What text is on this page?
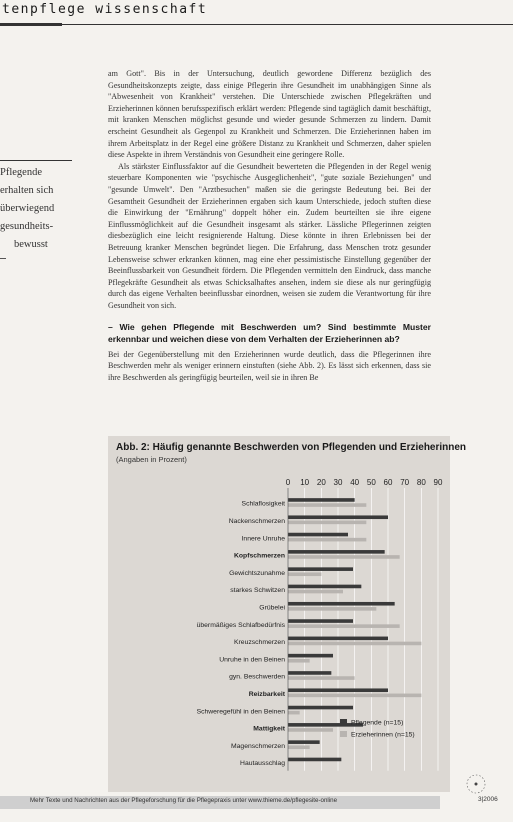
tenpflege wissenschaft
Pflegende
erhalten sich
überwiegend
gesundheits-
bewusst

am Gott". Bis in der Untersuchung, deutlich gewordene Differenz bezüglich des Gesundheitskonzepts zeigte, dass einige Pflegerin ihre Gesundheit im unabhängigen Sinne als "Abwesenheit von Krankheit" verstehen. Die Unterschiede zwischen Pflegekräften und Erzieherinnen können berufsspezifisch erklärt werden: Pflegende sind tagtäglich damit beschäftigt, mit kranken Menschen möglichst gesunde und wieder gesunde Schmerzen zu lindern. Damit erscheint Gesundheit als Gegenpol zu Krankheit und Schmerzen. Die Erzieherinnen haben im ihrem Arbeitsplatz in der Regel eine größere Distanz zu Krankheit und Schmerzen, daher spielen diese Aspekte in ihrem Verständnis von Gesundheit eine geringere Rolle.

Als stärkster Einflussfaktor auf die Gesundheit bewerteten die Pflegenden in der Regel wenig steuerbare Komponenten wie "psychische Ausgeglichenheit", "gute soziale Beziehungen" und "gesunde Umwelt". Den "Arztbesuchen" maßen sie die geringste Bedeutung bei. Bei der Gesamtheit Gesundheit der Erzieherinnen ergaben sich kaum Unterschiede, jedoch stuften diese die Einwirkung der "Ernährung" doppelt höher ein. Zudem beurteilten sie ihre eigene Einflussmöglichkeit auf die Gesundheit insgesamt als stärker. Lässliche Pflegerinnen zeigten diesbezüglich eine leicht resignierende Haltung. Diese könnte in ihren Erlebnissen bei der Betreuung kranker Menschen begründet liegen. Die Erfahrung, dass Menschen trotz gesunder Lebensweise schwer erkranken können, mag eine eher pessimistische Einstellung gegenüber der Beeinflussbarkeit von Gesundheit fördern. Die Pflegenden vermitteln den Eindruck, dass manche Pflegekräfte Gesundheit als etwas Schicksalhaftes ansehen, indem sie diese als nur geringfügig durch das eigene Verhalten beeinflussbar einordnen, weisen sie zudem die Verantwortung für ihre Gesundheit von sich.

– Wie gehen Pflegende mit Beschwerden um? Sind bestimmte Muster erkennbar und weichen diese von dem Verhalten der Erzieherinnen ab?

Bei der Gegenüberstellung mit den Erzieherinnen wurde deutlich, dass die Pflegerinnen ihre Beschwerden mehr als weniger erinnern einstuften (siehe Abb. 2). Es lässt sich erkennen, dass sie ihre Beschwerden als geringfügig beurteilen, weil sie in ihren Be

Abb. 2: Häufig genannte Beschwerden von Pflegenden und Erzieherinnen
(Angaben in Prozent)
0 10 20 30 40 50 60 70 80 90
Schlaflosigkeit
Nackenschmerzen
Innere Unruhe
Kopfschmerzen
Gewichtszunahme
starkes Schwitzen
Grübelei
übermäßiges Schlafbedürfnis
Kreuzschmerzen
Unruhe in den Beinen
gyn. Beschwerden
Reizbarkeit
Schweregefühl in den Beinen
Mattigkeit
Magenschmerzen
Hautausschlag
Pflegende (n=15)
Erzieherinnen (n=15)
Mehr Texte und Nachrichten aus der Pflegeforschung für die Pflegepraxis unter www.thieme.de/pflegesite-online	3|2006
